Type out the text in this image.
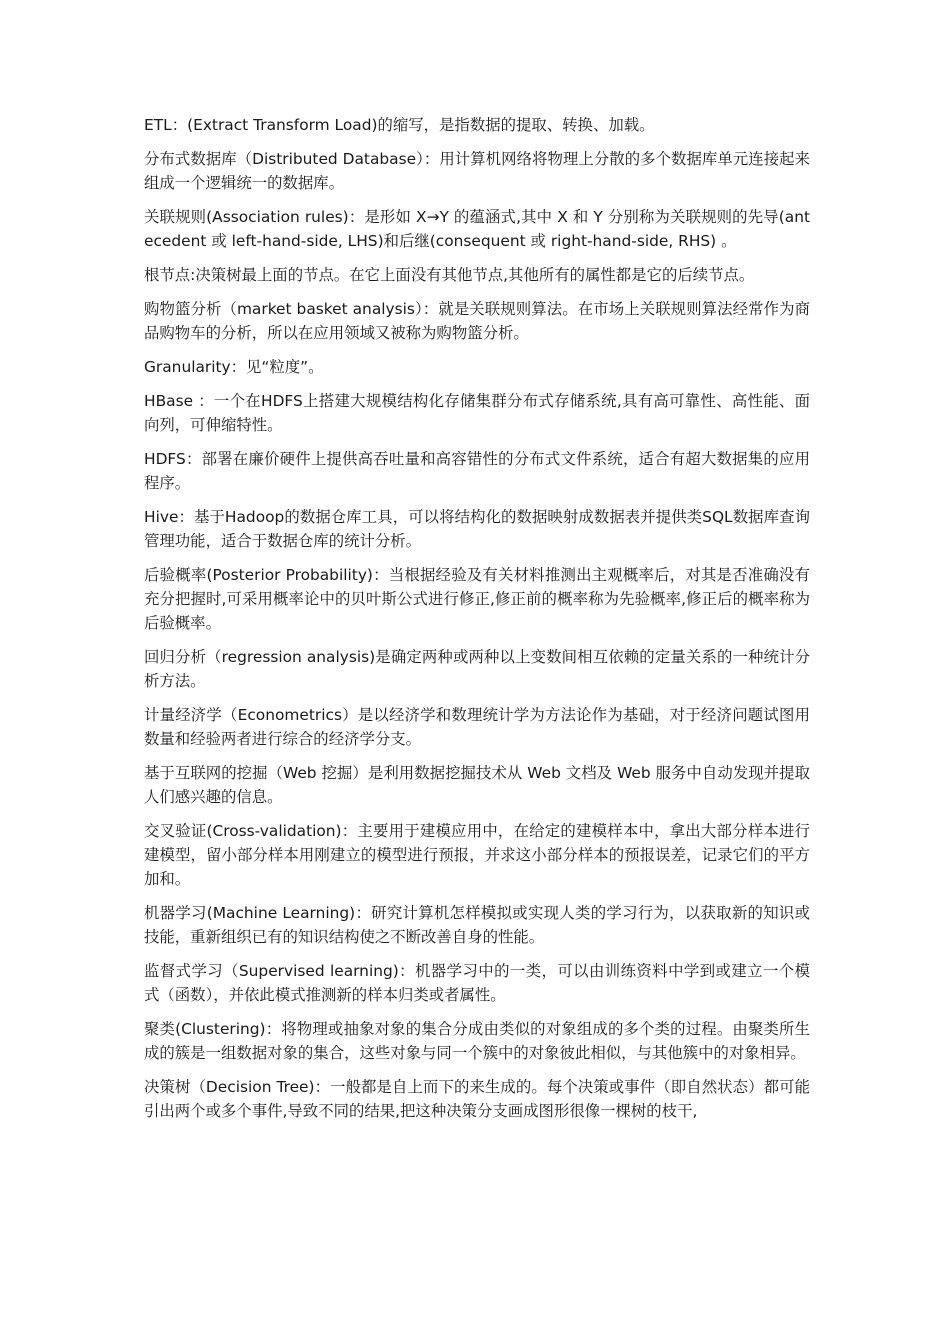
ETL：(Extract Transform Load)的缩写，是指数据的提取、转换、加载。

分布式数据库（Distributed Database）：用计算机网络将物理上分散的多个数据库单元连接起来组成一个逻辑统一的数据库。

关联规则(Association rules)：是形如 X→Y 的蕴涵式,其中 X 和 Y 分别称为关联规则的先导(antecedent 或 left-hand-side, LHS)和后继(consequent 或 right-hand-side, RHS) 。

根节点:决策树最上面的节点。在它上面没有其他节点,其他所有的属性都是它的后续节点。

购物篮分析（market basket analysis）：就是关联规则算法。在市场上关联规则算法经常作为商品购物车的分析，所以在应用领域又被称为购物篮分析。

Granularity：见“粒度”。

HBase ：一个在HDFS上搭建大规模结构化存储集群分布式存储系统,具有高可靠性、高性能、面向列，可伸缩特性。

HDFS：部署在廉价硬件上提供高吞吐量和高容错性的分布式文件系统，适合有超大数据集的应用程序。

Hive：基于Hadoop的数据仓库工具，可以将结构化的数据映射成数据表并提供类SQL数据库查询管理功能，适合于数据仓库的统计分析。

后验概率(Posterior Probability)：当根据经验及有关材料推测出主观概率后，对其是否准确没有充分把握时,可采用概率论中的贝叶斯公式进行修正,修正前的概率称为先验概率,修正后的概率称为后验概率。

回归分析（regression analysis)是确定两种或两种以上变数间相互依赖的定量关系的一种统计分析方法。

计量经济学（Econometrics）是以经济学和数理统计学为方法论作为基础，对于经济问题试图用数量和经验两者进行综合的经济学分支。

基于互联网的挖掘（Web 挖掘）是利用数据挖掘技术从 Web 文档及 Web 服务中自动发现并提取人们感兴趣的信息。

交叉验证(Cross-validation)：主要用于建模应用中，在给定的建模样本中，拿出大部分样本进行建模型，留小部分样本用刚建立的模型进行预报，并求这小部分样本的预报误差，记录它们的平方加和。

机器学习(Machine Learning)：研究计算机怎样模拟或实现人类的学习行为，以获取新的知识或技能，重新组织已有的知识结构使之不断改善自身的性能。

监督式学习（Supervised learning)：机器学习中的一类，可以由训练资料中学到或建立一个模式（函数），并依此模式推测新的样本归类或者属性。

聚类(Clustering)：将物理或抽象对象的集合分成由类似的对象组成的多个类的过程。由聚类所生成的簇是一组数据对象的集合，这些对象与同一个簇中的对象彼此相似，与其他簇中的对象相异。

决策树（Decision Tree)：一般都是自上而下的来生成的。每个决策或事件（即自然状态）都可能引出两个或多个事件,导致不同的结果,把这种决策分支画成图形很像一棵树的枝干,
